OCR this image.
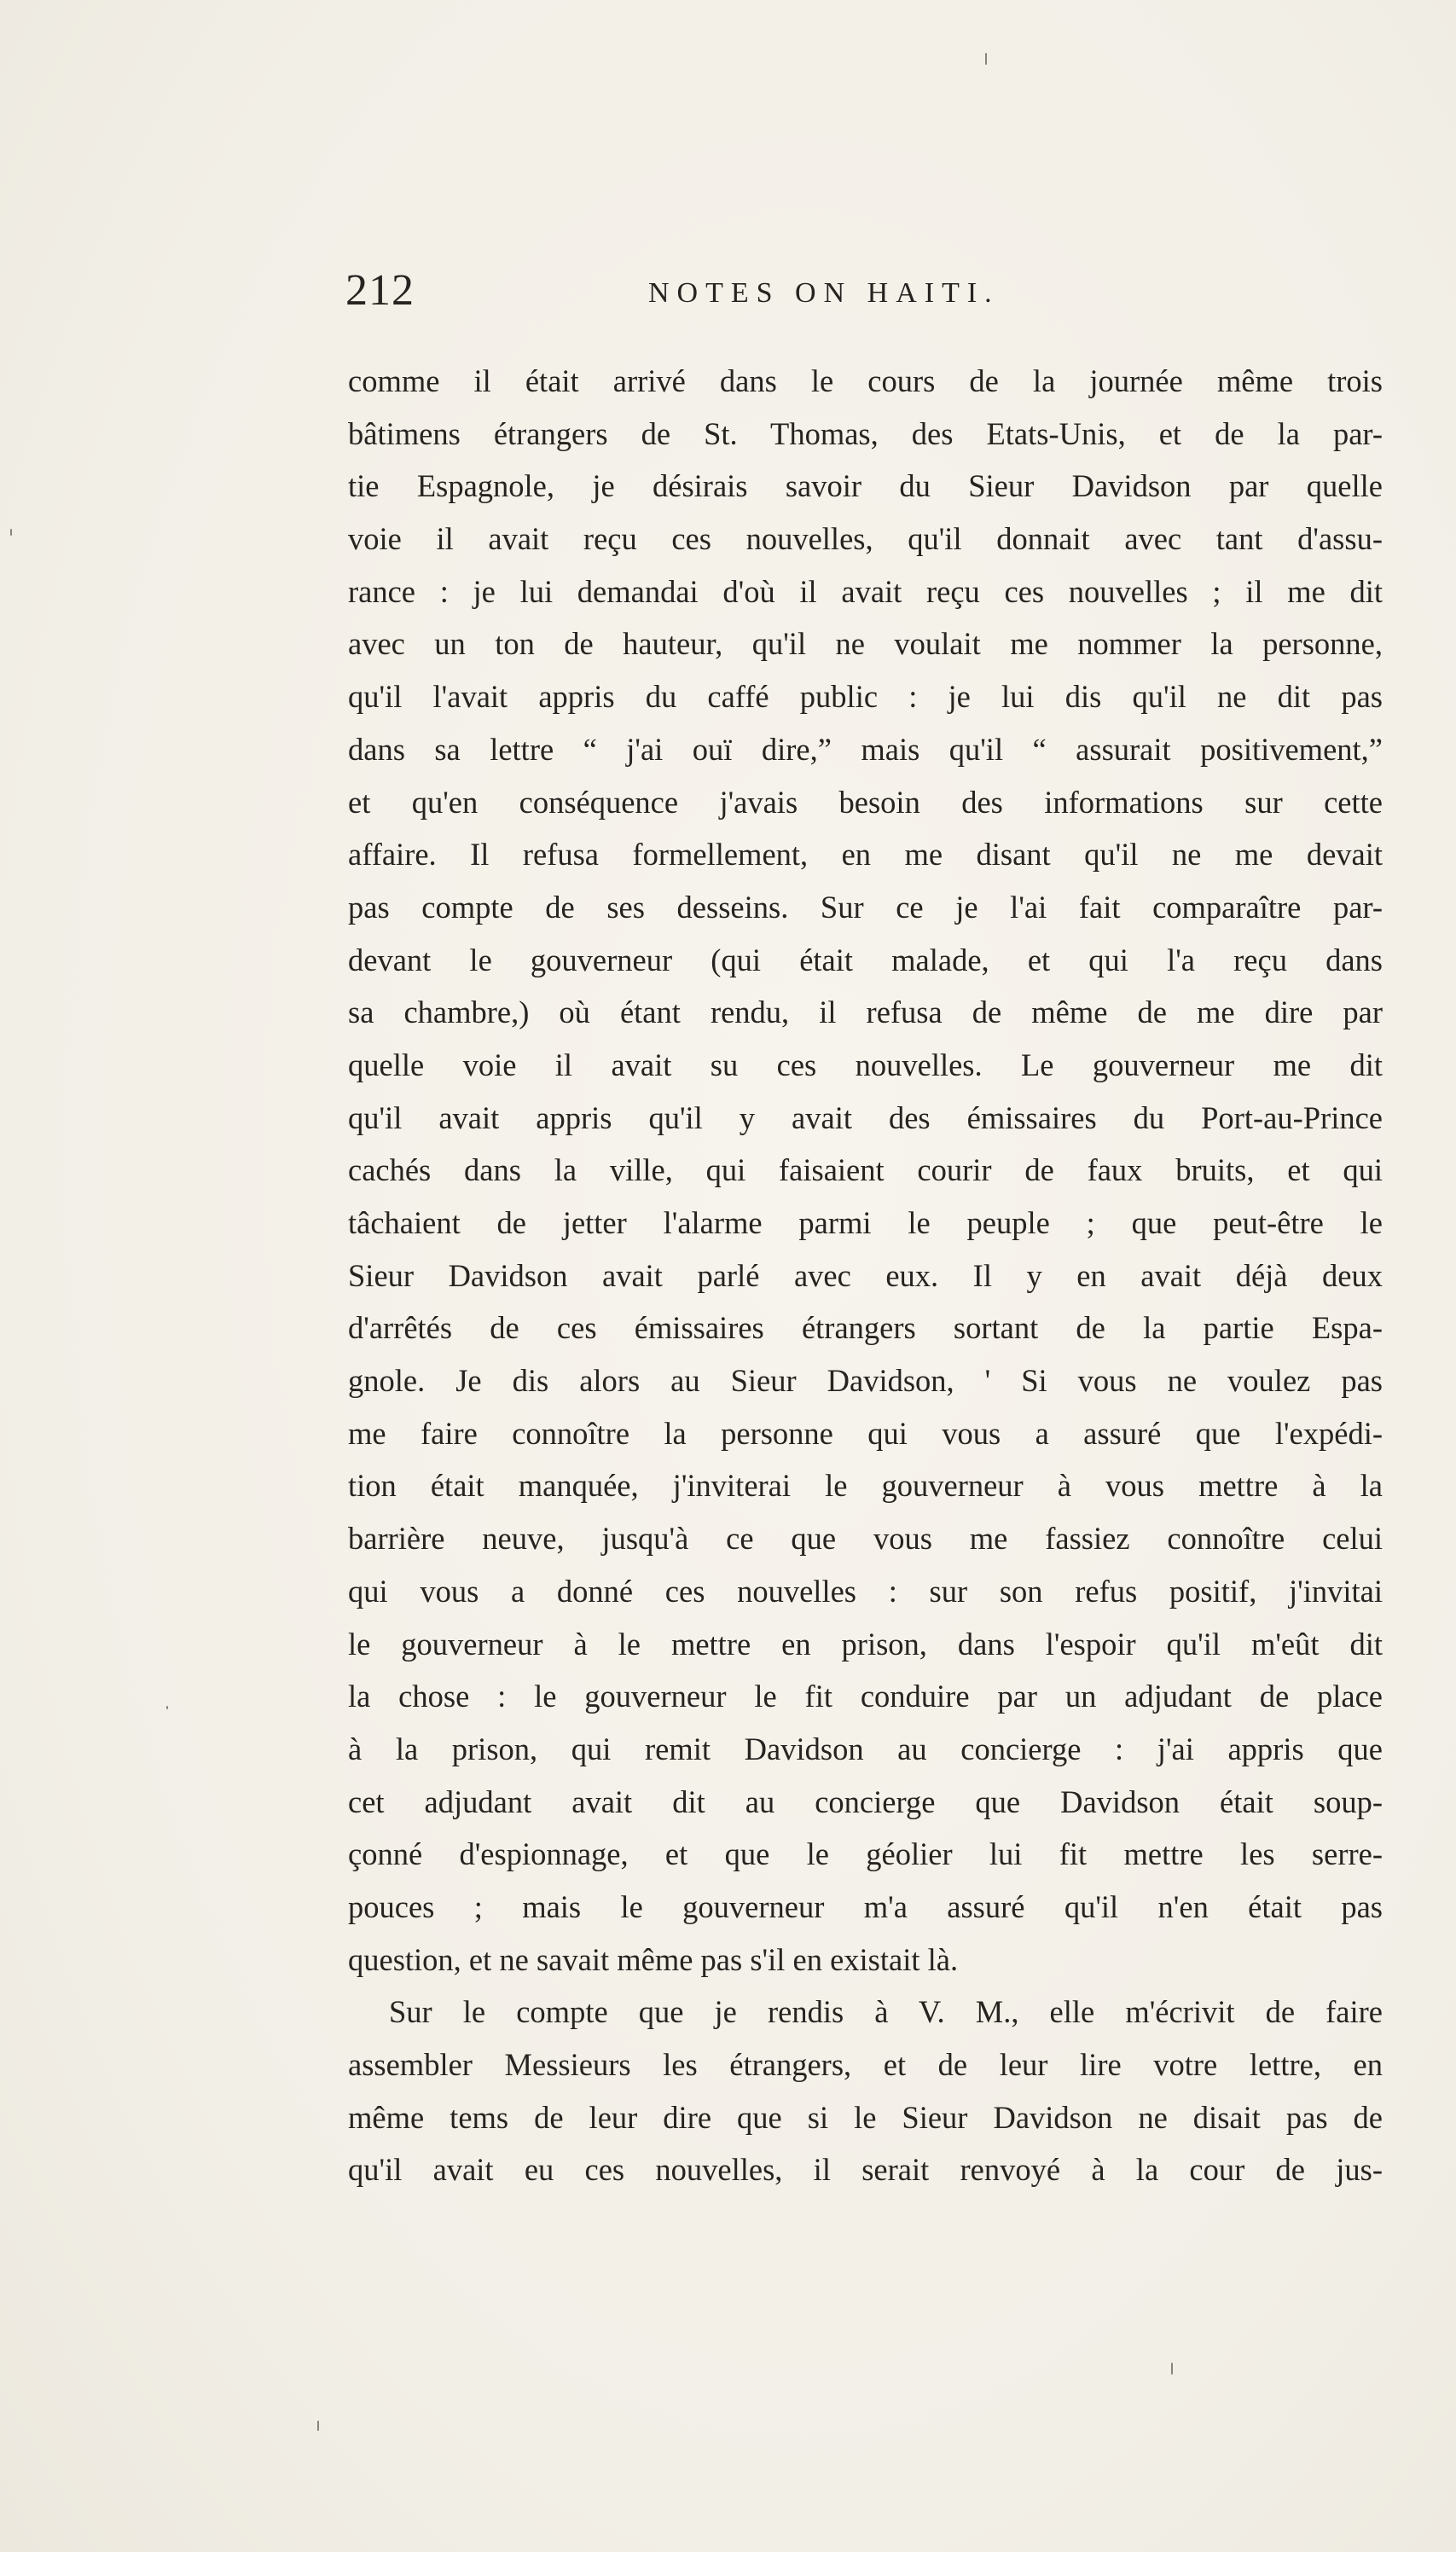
212	NOTES ON HAITI.
comme il était arrivé dans le cours de la journée même trois
bâtimens étrangers de St. Thomas, des Etats-Unis, et de la par-
tie Espagnole, je désirais savoir du Sieur Davidson par quelle
voie il avait reçu ces nouvelles, qu'il donnait avec tant d'assu-
rance : je lui demandai d'où il avait reçu ces nouvelles ; il me dit
avec un ton de hauteur, qu'il ne voulait me nommer la personne,
qu'il l'avait appris du caffé public : je lui dis qu'il ne dit pas
dans sa lettre “ j'ai ouï dire,” mais qu'il “ assurait positivement,”
et qu'en conséquence j'avais besoin des informations sur cette
affaire. Il refusa formellement, en me disant qu'il ne me devait
pas compte de ses desseins. Sur ce je l'ai fait comparaître par-
devant le gouverneur (qui était malade, et qui l'a reçu dans
sa chambre,) où étant rendu, il refusa de même de me dire par
quelle voie il avait su ces nouvelles. Le gouverneur me dit
qu'il avait appris qu'il y avait des émissaires du Port-au-Prince
cachés dans la ville, qui faisaient courir de faux bruits, et qui
tâchaient de jetter l'alarme parmi le peuple ; que peut-être le
Sieur Davidson avait parlé avec eux. Il y en avait déjà deux
d'arrêtés de ces émissaires étrangers sortant de la partie Espa-
gnole. Je dis alors au Sieur Davidson, ' Si vous ne voulez pas
me faire connoître la personne qui vous a assuré que l'expédi-
tion était manquée, j'inviterai le gouverneur à vous mettre à la
barrière neuve, jusqu'à ce que vous me fassiez connoître celui
qui vous a donné ces nouvelles : sur son refus positif, j'invitai
le gouverneur à le mettre en prison, dans l'espoir qu'il m'eût dit
la chose : le gouverneur le fit conduire par un adjudant de place
à la prison, qui remit Davidson au concierge : j'ai appris que
cet adjudant avait dit au concierge que Davidson était soup-
çonné d'espionnage, et que le géolier lui fit mettre les serre-
pouces ; mais le gouverneur m'a assuré qu'il n'en était pas
question, et ne savait même pas s'il en existait là.
Sur le compte que je rendis à V. M., elle m'écrivit de faire
assembler Messieurs les étrangers, et de leur lire votre lettre, en
même tems de leur dire que si le Sieur Davidson ne disait pas de
qu'il avait eu ces nouvelles, il serait renvoyé à la cour de jus-
